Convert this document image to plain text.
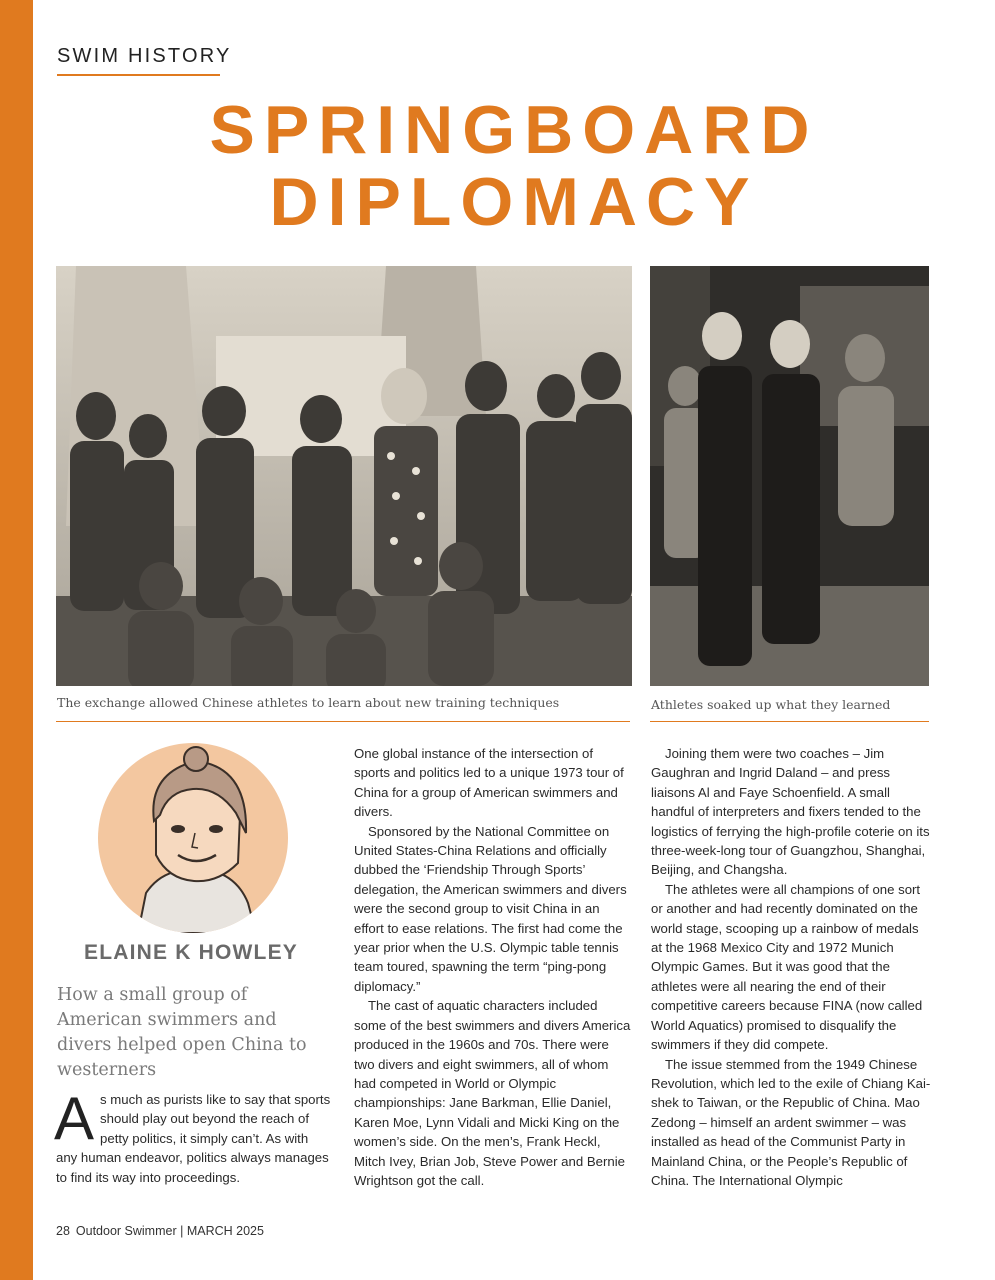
SWIM HISTORY
SPRINGBOARD
DIPLOMACY
The exchange allowed Chinese athletes to learn about new training techniques	Athletes soaked up what they learned
ELAINE K HOWLEY
How a small group of American swimmers and divers helped open China to westerners

As much as purists like to say that sports should play out beyond the reach of petty politics, it simply can’t. As with any human endeavor, politics always manages to find its way into proceedings.

One global instance of the intersection of sports and politics led to a unique 1973 tour of China for a group of American swimmers and divers.

Sponsored by the National Committee on United States-China Relations and officially dubbed the ‘Friendship Through Sports’ delegation, the American swimmers and divers were the second group to visit China in an effort to ease relations. The first had come the year prior when the U.S. Olympic table tennis team toured, spawning the term “ping-pong diplomacy.”

The cast of aquatic characters included some of the best swimmers and divers America produced in the 1960s and 70s. There were two divers and eight swimmers, all of whom had competed in World or Olympic championships: Jane Barkman, Ellie Daniel, Karen Moe, Lynn Vidali and Micki King on the women’s side. On the men’s, Frank Heckl, Mitch Ivey, Brian Job, Steve Power and Bernie Wrightson got the call.

Joining them were two coaches – Jim Gaughran and Ingrid Daland – and press liaisons Al and Faye Schoenfield. A small handful of interpreters and fixers tended to the logistics of ferrying the high-profile coterie on its three-week-long tour of Guangzhou, Shanghai, Beijing, and Changsha.

The athletes were all champions of one sort or another and had recently dominated on the world stage, scooping up a rainbow of medals at the 1968 Mexico City and 1972 Munich Olympic Games. But it was good that the athletes were all nearing the end of their competitive careers because FINA (now called World Aquatics) promised to disqualify the swimmers if they did compete.

The issue stemmed from the 1949 Chinese Revolution, which led to the exile of Chiang Kai-shek to Taiwan, or the Republic of China. Mao Zedong – himself an ardent swimmer – was installed as head of the Communist Party in Mainland China, or the People’s Republic of China. The International Olympic

28 Outdoor Swimmer | MARCH 2025
